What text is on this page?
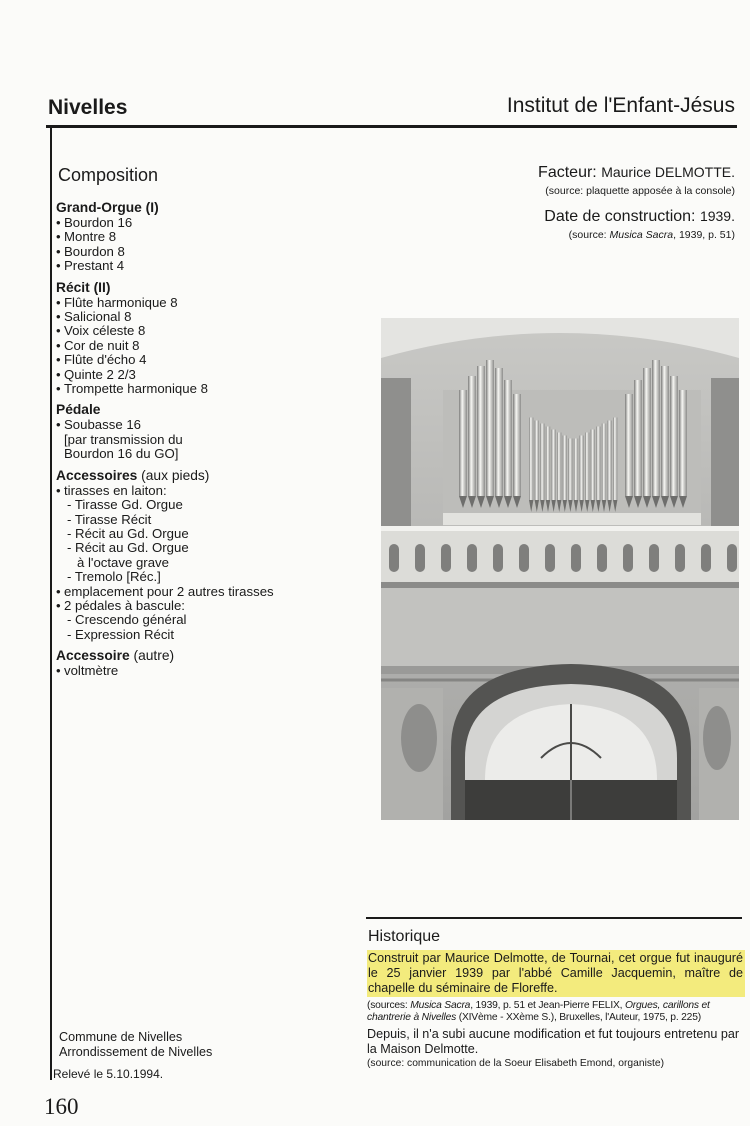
Nivelles	Institut de l'Enfant-Jésus
Composition
Grand-Orgue (I)
• Bourdon 16
• Montre 8
• Bourdon 8
• Prestant 4
Récit (II)
• Flûte harmonique 8
• Salicional 8
• Voix céleste 8
• Cor de nuit 8
• Flûte d'écho 4
• Quinte 2 2/3
• Trompette harmonique 8
Pédale
• Soubasse 16
[par transmission du
Bourdon 16 du GO]
Accessoires (aux pieds)
• tirasses en laiton:
- Tirasse Gd. Orgue
- Tirasse Récit
- Récit au Gd. Orgue
- Récit au Gd. Orgue
à l'octave grave
- Tremolo [Réc.]
• emplacement pour 2 autres tirasses
• 2 pédales à bascule:
- Crescendo général
- Expression Récit
Accessoire (autre)
• voltmètre
Facteur: Maurice DELMOTTE.
(source: plaquette apposée à la console)
Date de construction: 1939.
(source: Musica Sacra, 1939, p. 51)
Historique
Construit par Maurice Delmotte, de Tournai, cet orgue fut inauguré le 25 janvier 1939 par l'abbé Camille Jacquemin, maître de chapelle du séminaire de Floreffe.
(sources: Musica Sacra, 1939, p. 51 et Jean-Pierre FELIX, Orgues, carillons et chantrerie à Nivelles (XIVème - XXème S.), Bruxelles, l'Auteur, 1975, p. 225)
Depuis, il n'a subi aucune modification et fut toujours entretenu par la Maison Delmotte.
(source: communication de la Soeur Elisabeth Emond, organiste)
Commune de Nivelles
Arrondissement de Nivelles
Relevé le 5.10.1994.
160
